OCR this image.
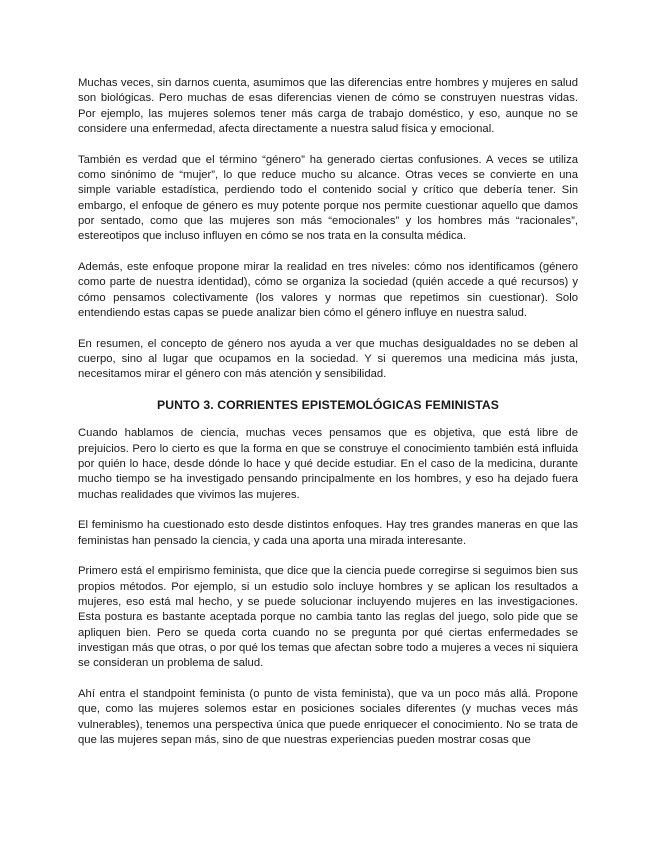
Muchas veces, sin darnos cuenta, asumimos que las diferencias entre hombres y mujeres en salud son biológicas. Pero muchas de esas diferencias vienen de cómo se construyen nuestras vidas. Por ejemplo, las mujeres solemos tener más carga de trabajo doméstico, y eso, aunque no se considere una enfermedad, afecta directamente a nuestra salud física y emocional.

También es verdad que el término “género” ha generado ciertas confusiones. A veces se utiliza como sinónimo de “mujer”, lo que reduce mucho su alcance. Otras veces se convierte en una simple variable estadística, perdiendo todo el contenido social y crítico que debería tener. Sin embargo, el enfoque de género es muy potente porque nos permite cuestionar aquello que damos por sentado, como que las mujeres son más “emocionales” y los hombres más “racionales”, estereotipos que incluso influyen en cómo se nos trata en la consulta médica.

Además, este enfoque propone mirar la realidad en tres niveles: cómo nos identificamos (género como parte de nuestra identidad), cómo se organiza la sociedad (quién accede a qué recursos) y cómo pensamos colectivamente (los valores y normas que repetimos sin cuestionar). Solo entendiendo estas capas se puede analizar bien cómo el género influye en nuestra salud.

En resumen, el concepto de género nos ayuda a ver que muchas desigualdades no se deben al cuerpo, sino al lugar que ocupamos en la sociedad. Y si queremos una medicina más justa, necesitamos mirar el género con más atención y sensibilidad.

PUNTO 3. CORRIENTES EPISTEMOLÓGICAS FEMINISTAS

Cuando hablamos de ciencia, muchas veces pensamos que es objetiva, que está libre de prejuicios. Pero lo cierto es que la forma en que se construye el conocimiento también está influida por quién lo hace, desde dónde lo hace y qué decide estudiar. En el caso de la medicina, durante mucho tiempo se ha investigado pensando principalmente en los hombres, y eso ha dejado fuera muchas realidades que vivimos las mujeres.

El feminismo ha cuestionado esto desde distintos enfoques. Hay tres grandes maneras en que las feministas han pensado la ciencia, y cada una aporta una mirada interesante.

Primero está el empirismo feminista, que dice que la ciencia puede corregirse si seguimos bien sus propios métodos. Por ejemplo, si un estudio solo incluye hombres y se aplican los resultados a mujeres, eso está mal hecho, y se puede solucionar incluyendo mujeres en las investigaciones. Esta postura es bastante aceptada porque no cambia tanto las reglas del juego, solo pide que se apliquen bien. Pero se queda corta cuando no se pregunta por qué ciertas enfermedades se investigan más que otras, o por qué los temas que afectan sobre todo a mujeres a veces ni siquiera se consideran un problema de salud.

Ahí entra el standpoint feminista (o punto de vista feminista), que va un poco más allá. Propone que, como las mujeres solemos estar en posiciones sociales diferentes (y muchas veces más vulnerables), tenemos una perspectiva única que puede enriquecer el conocimiento. No se trata de que las mujeres sepan más, sino de que nuestras experiencias pueden mostrar cosas que
